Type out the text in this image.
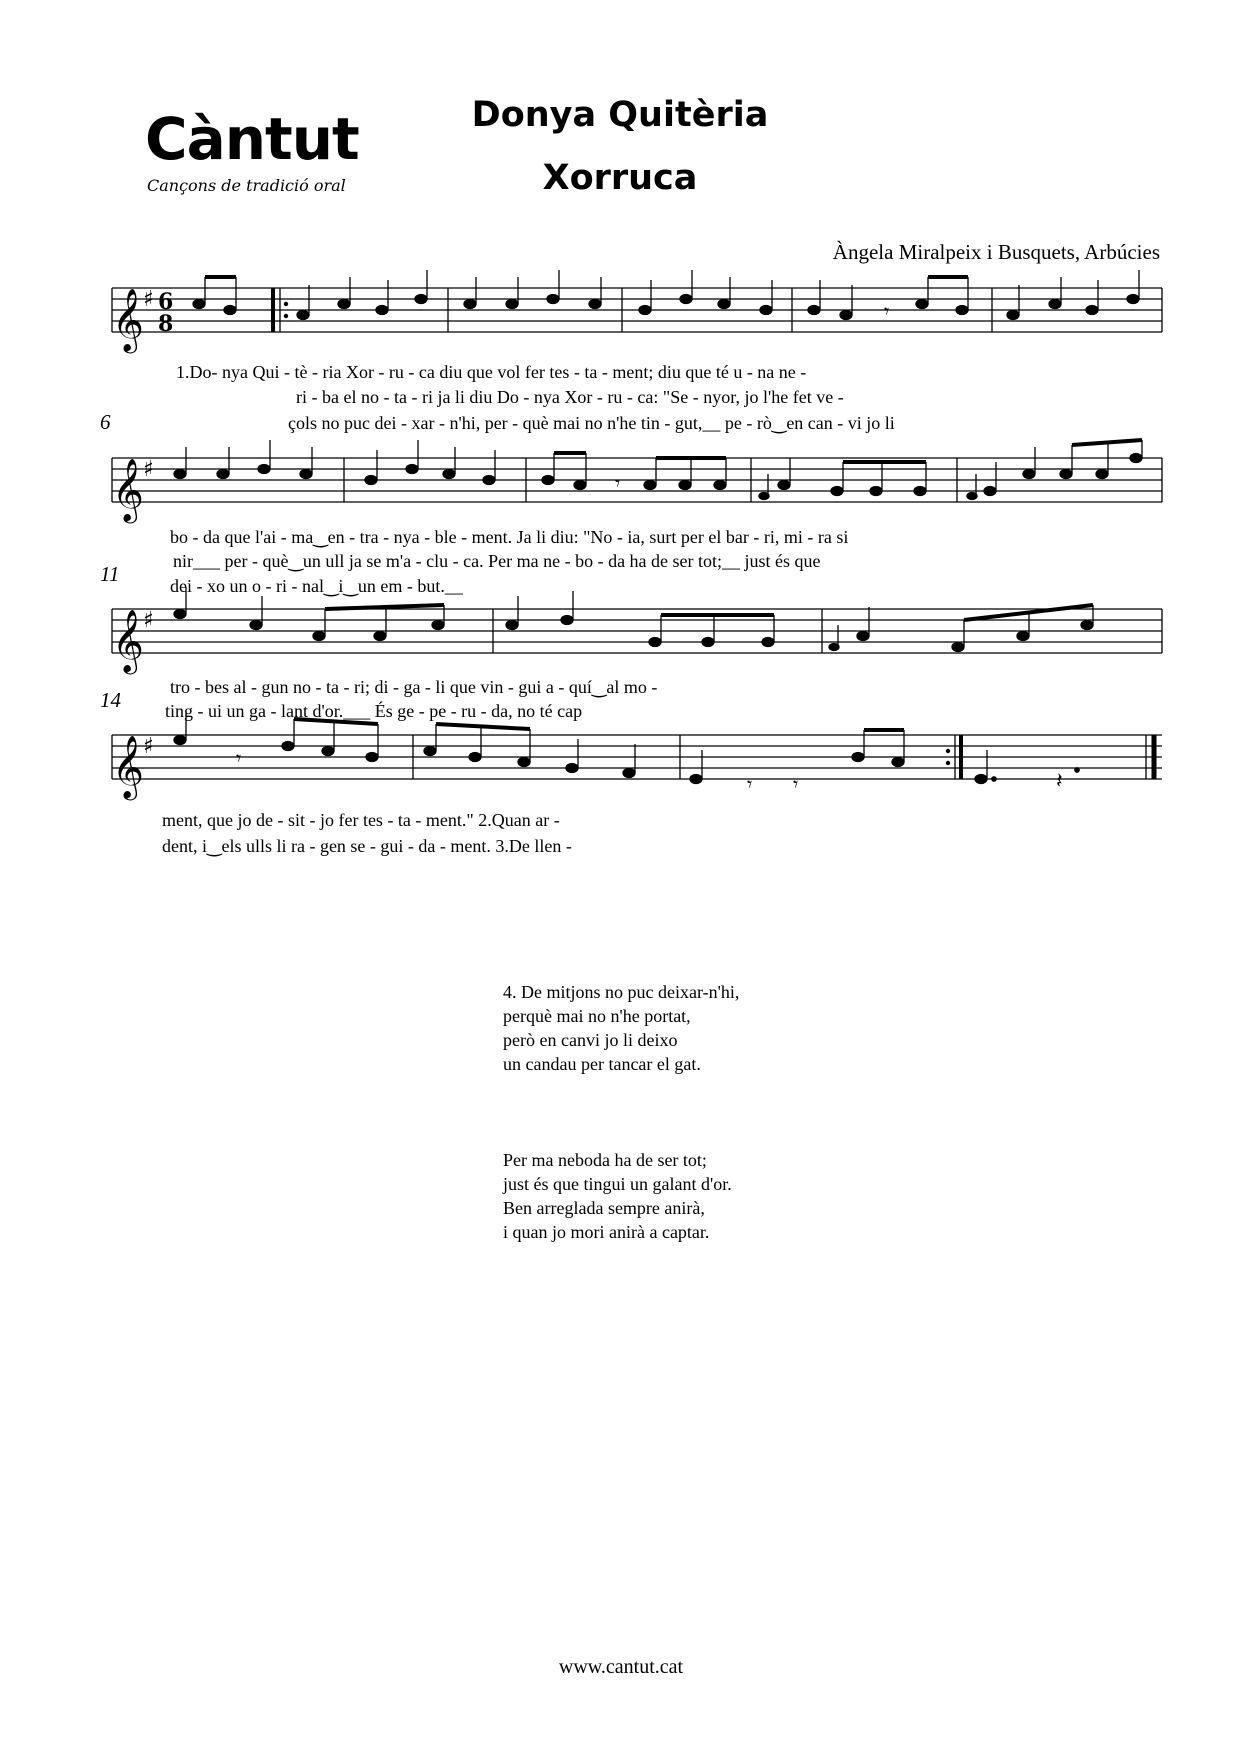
Càntut
Cançons de tradició oral
Donya Quitèria
Xorruca
Àngela Miralpeix i Busquets, Arbúcies
𝄞 ♯ 6
8	𝄾
𝄞 ♯
𝄾
𝄞 ♯
𝄞 ♯	𝄾
𝄾 𝄾	𝄽
6
11
14
1.Do- nya Qui - tè - ria Xor - ru - ca diu que vol fer tes - ta - ment; diu que té u - na ne -
ri - ba el no - ta - ri ja li diu Do - nya Xor - ru - ca: "Se - nyor, jo l'he fet ve -
çols no puc dei - xar - n'hi, per - què mai no n'he tin - gut,__ pe - rò‿en can - vi jo li
bo - da que l'ai - ma‿en - tra - nya - ble - ment. Ja li diu: "No - ia, surt per el bar - ri, mi - ra si
nir___ per - què‿un ull ja se m'a - clu - ca. Per ma ne - bo - da ha de ser tot;__ just és que
dei - xo un o - ri - nal‿i‿un em - but.__
tro - bes al - gun no - ta - ri; di - ga - li que vin - gui a - quí‿al mo -
ting - ui un ga - lant d'or.___ És ge - pe - ru - da, no té cap
ment, que jo de - sit - jo fer tes - ta - ment." 2.Quan ar -
dent, i‿els ulls li ra - gen se - gui - da - ment. 3.De llen -

4. De mitjons no puc deixar-n'hi,
perquè mai no n'he portat,
però en canvi jo li deixo
un candau per tancar el gat.

Per ma neboda ha de ser tot;
just és que tingui un galant d'or.
Ben arreglada sempre anirà,
i quan jo mori anirà a captar.

www.cantut.cat
